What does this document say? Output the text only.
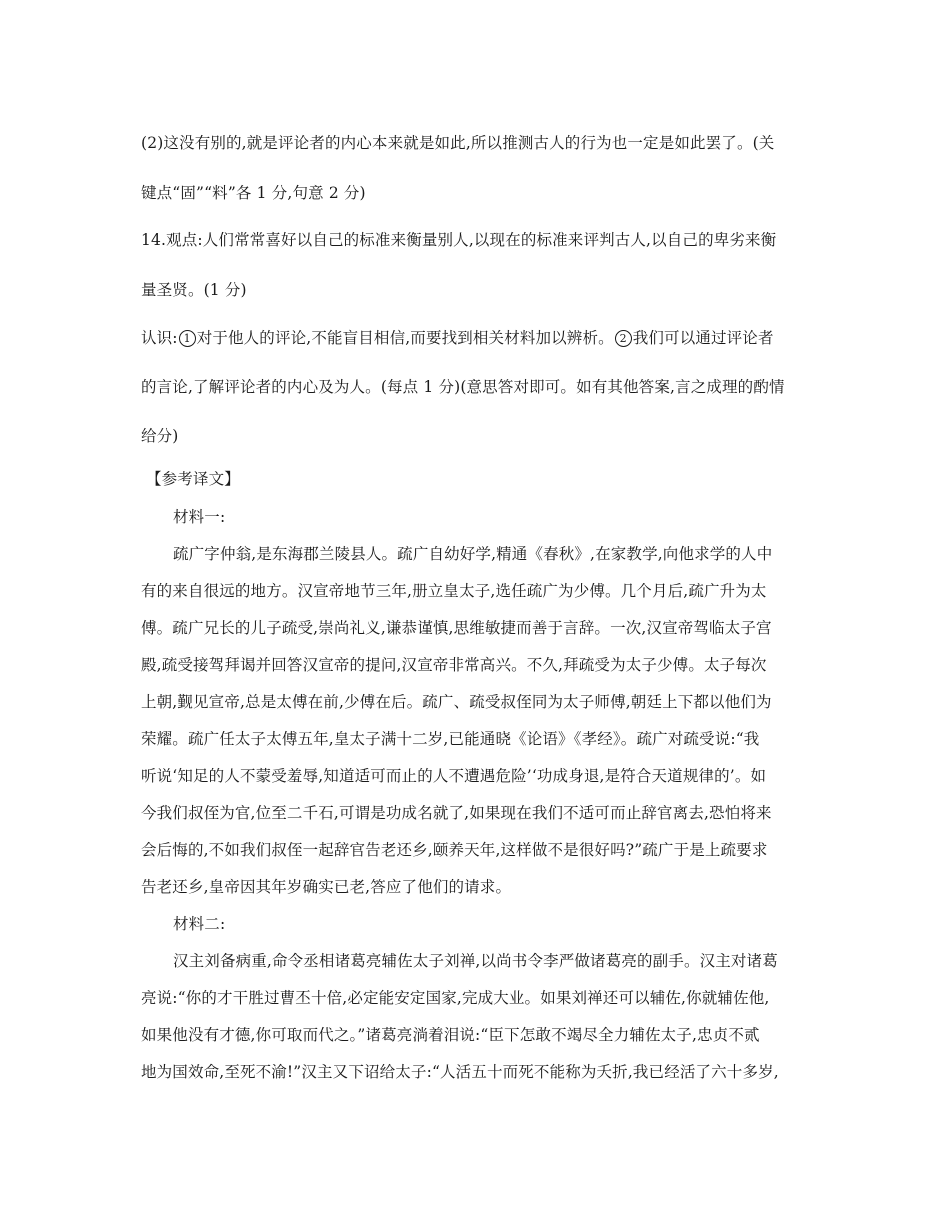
(2)这没有别的,就是评论者的内心本来就是如此,所以推测古人的行为也一定是如此罢了。(关
键点“固”“料”各 1 分,句意 2 分)
14.观点:人们常常喜好以自己的标准来衡量别人,以现在的标准来评判古人,以自己的卑劣来衡
量圣贤。(1 分)
认识: 1 对于他人的评论,不能盲目相信,而要找到相关材料加以辨析。 2 我们可以通过评论者
的言论,了解评论者的内心及为人。(每点 1 分)(意思答对即可。如有其他答案,言之成理的酌情
给分)
【参考译文】
材料一:
疏广字仲翁,是东海郡兰陵县人。疏广自幼好学,精通《春秋》,在家教学,向他求学的人中
有的来自很远的地方。汉宣帝地节三年,册立皇太子,选任疏广为少傅。几个月后,疏广升为太
傅。疏广兄长的儿子疏受,崇尚礼义,谦恭谨慎,思维敏捷而善于言辞。一次,汉宣帝驾临太子宫
殿,疏受接驾拜谒并回答汉宣帝的提问,汉宣帝非常高兴。不久,拜疏受为太子少傅。太子每次
上朝,觐见宣帝,总是太傅在前,少傅在后。疏广、疏受叔侄同为太子师傅,朝廷上下都以他们为
荣耀。疏广任太子太傅五年,皇太子满十二岁,已能通晓《论语》《孝经》。疏广对疏受说:“我
听说‘知足的人不蒙受羞辱,知道适可而止的人不遭遇危险’‘功成身退,是符合天道规律的’。如
今我们叔侄为官,位至二千石,可谓是功成名就了,如果现在我们不适可而止辞官离去,恐怕将来
会后悔的,不如我们叔侄一起辞官告老还乡,颐养天年,这样做不是很好吗?”疏广于是上疏要求
告老还乡,皇帝因其年岁确实已老,答应了他们的请求。
材料二:
汉主刘备病重,命令丞相诸葛亮辅佐太子刘禅,以尚书令李严做诸葛亮的副手。汉主对诸葛
亮说:“你的才干胜过曹丕十倍,必定能安定国家,完成大业。如果刘禅还可以辅佐,你就辅佐他,
如果他没有才德,你可取而代之。”诸葛亮淌着泪说:“臣下怎敢不竭尽全力辅佐太子,忠贞不贰
地为国效命,至死不渝!”汉主又下诏给太子:“人活五十而死不能称为夭折,我已经活了六十多岁,
